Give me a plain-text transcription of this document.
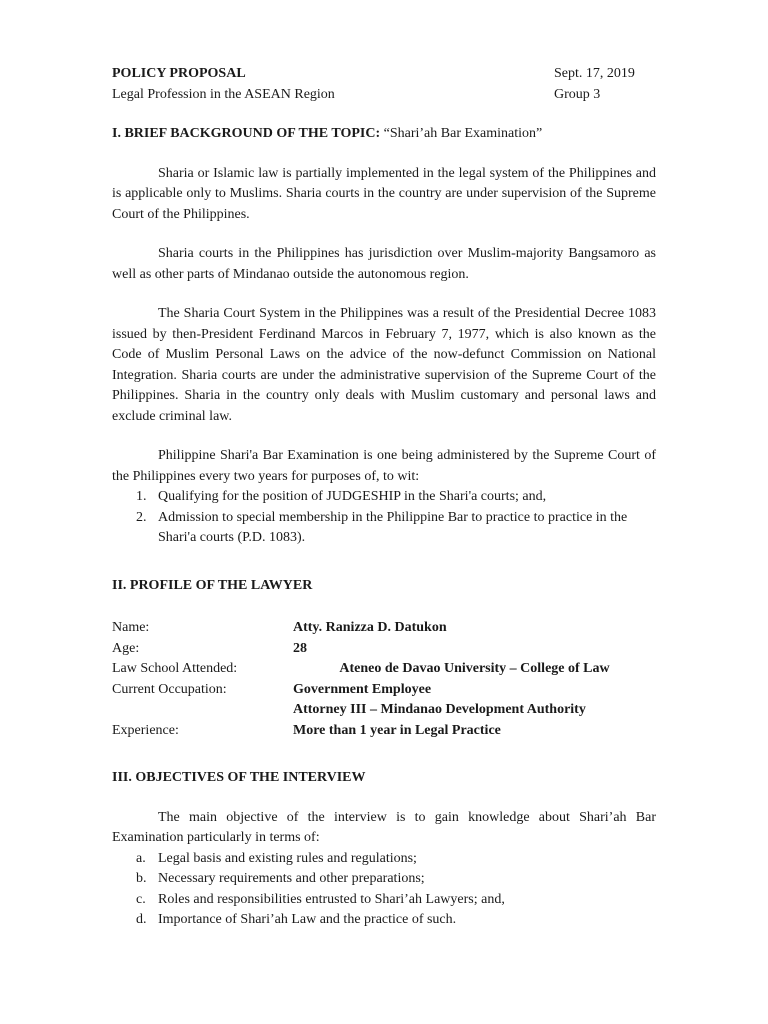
POLICY PROPOSAL	Sept. 17, 2019
Legal Profession in the ASEAN Region	Group 3

I. BRIEF BACKGROUND OF THE TOPIC: “Shari’ah Bar Examination”

Sharia or Islamic law is partially implemented in the legal system of the Philippines and is applicable only to Muslims. Sharia courts in the country are under supervision of the Supreme Court of the Philippines.

Sharia courts in the Philippines has jurisdiction over Muslim-majority Bangsamoro as well as other parts of Mindanao outside the autonomous region.

The Sharia Court System in the Philippines was a result of the Presidential Decree 1083 issued by then-President Ferdinand Marcos in February 7, 1977, which is also known as the Code of Muslim Personal Laws on the advice of the now-defunct Commission on National Integration. Sharia courts are under the administrative supervision of the Supreme Court of the Philippines. Sharia in the country only deals with Muslim customary and personal laws and exclude criminal law.

Philippine Shari'a Bar Examination is one being administered by the Supreme Court of the Philippines every two years for purposes of, to wit:

1. Qualifying for the position of JUDGESHIP in the Shari'a courts; and,
2. Admission to special membership in the Philippine Bar to practice to practice in the Shari'a courts (P.D. 1083).

II. PROFILE OF THE LAWYER

Name:	Atty. Ranizza D. Datukon
Age:	28
Law School Attended:	Ateneo de Davao University – College of Law
Current Occupation:	Government Employee
	Attorney III – Mindanao Development Authority
Experience:	More than 1 year in Legal Practice

III. OBJECTIVES OF THE INTERVIEW

The main objective of the interview is to gain knowledge about Shari’ah Bar Examination particularly in terms of:

a. Legal basis and existing rules and regulations;
b. Necessary requirements and other preparations;
c. Roles and responsibilities entrusted to Shari’ah Lawyers; and,
d. Importance of Shari’ah Law and the practice of such.
